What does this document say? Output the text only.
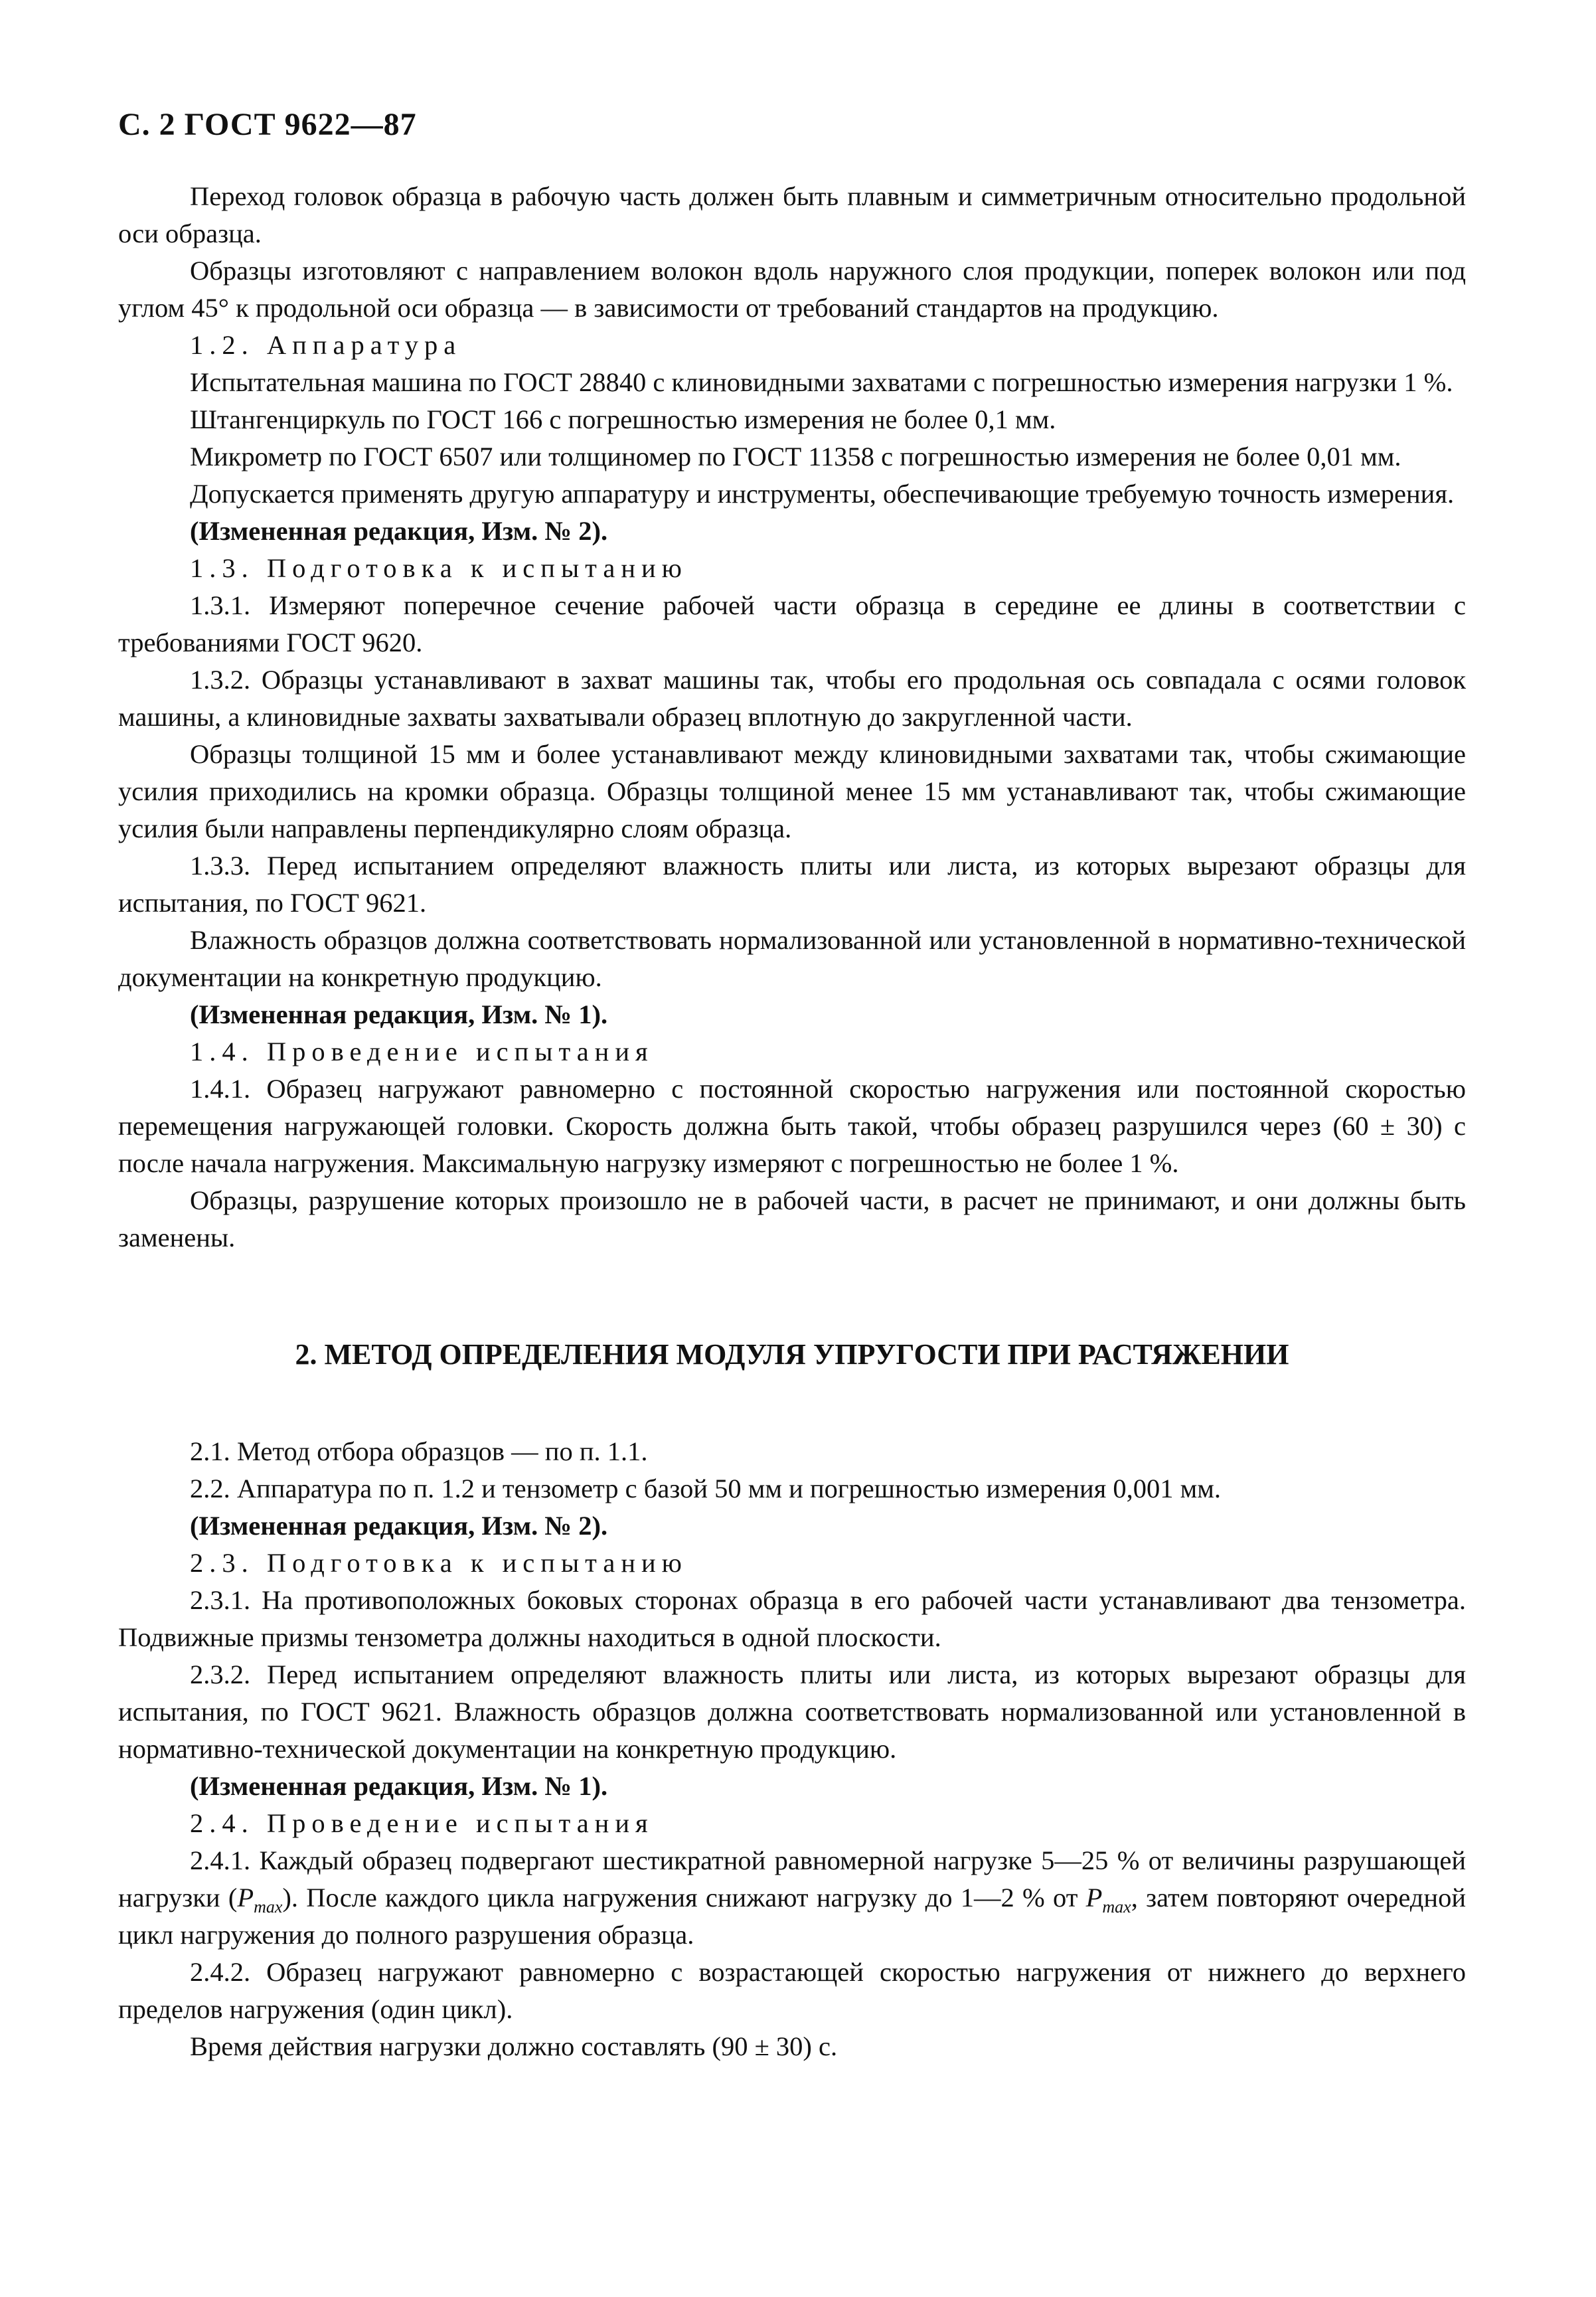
С. 2 ГОСТ 9622—87

Переход головок образца в рабочую часть должен быть плавным и симметричным относительно продольной оси образца.

Образцы изготовляют с направлением волокон вдоль наружного слоя продукции, поперек волокон или под углом 45° к продольной оси образца — в зависимости от требований стандартов на продукцию.

1.2. Аппаратура

Испытательная машина по ГОСТ 28840 с клиновидными захватами с погрешностью измерения нагрузки 1 %.

Штангенциркуль по ГОСТ 166 с погрешностью измерения не более 0,1 мм.

Микрометр по ГОСТ 6507 или толщиномер по ГОСТ 11358 с погрешностью измерения не более 0,01 мм.

Допускается применять другую аппаратуру и инструменты, обеспечивающие требуемую точность измерения.

(Измененная редакция, Изм. № 2).

1.3. Подготовка к испытанию

1.3.1. Измеряют поперечное сечение рабочей части образца в середине ее длины в соответствии с требованиями ГОСТ 9620.

1.3.2. Образцы устанавливают в захват машины так, чтобы его продольная ось совпадала с осями головок машины, а клиновидные захваты захватывали образец вплотную до закругленной части.

Образцы толщиной 15 мм и более устанавливают между клиновидными захватами так, чтобы сжимающие усилия приходились на кромки образца. Образцы толщиной менее 15 мм устанавливают так, чтобы сжимающие усилия были направлены перпендикулярно слоям образца.

1.3.3. Перед испытанием определяют влажность плиты или листа, из которых вырезают образцы для испытания, по ГОСТ 9621.

Влажность образцов должна соответствовать нормализованной или установленной в нормативно-технической документации на конкретную продукцию.

(Измененная редакция, Изм. № 1).

1.4. Проведение испытания

1.4.1. Образец нагружают равномерно с постоянной скоростью нагружения или постоянной скоростью перемещения нагружающей головки. Скорость должна быть такой, чтобы образец разрушился через (60 ± 30) с после начала нагружения. Максимальную нагрузку измеряют с погрешностью не более 1 %.

Образцы, разрушение которых произошло не в рабочей части, в расчет не принимают, и они должны быть заменены.

2. МЕТОД ОПРЕДЕЛЕНИЯ МОДУЛЯ УПРУГОСТИ ПРИ РАСТЯЖЕНИИ

2.1. Метод отбора образцов — по п. 1.1.

2.2. Аппаратура по п. 1.2 и тензометр с базой 50 мм и погрешностью измерения 0,001 мм.

(Измененная редакция, Изм. № 2).

2.3. Подготовка к испытанию

2.3.1. На противоположных боковых сторонах образца в его рабочей части устанавливают два тензометра. Подвижные призмы тензометра должны находиться в одной плоскости.

2.3.2. Перед испытанием определяют влажность плиты или листа, из которых вырезают образцы для испытания, по ГОСТ 9621. Влажность образцов должна соответствовать нормализованной или установленной в нормативно-технической документации на конкретную продукцию.

(Измененная редакция, Изм. № 1).

2.4. Проведение испытания

2.4.1. Каждый образец подвергают шестикратной равномерной нагрузке 5—25 % от величины разрушающей нагрузки $(P_{max})$. После каждого цикла нагружения снижают нагрузку до 1—2 % от $P_{max}$, затем повторяют очередной цикл нагружения до полного разрушения образца.

2.4.2. Образец нагружают равномерно с возрастающей скоростью нагружения от нижнего до верхнего пределов нагружения (один цикл).

Время действия нагрузки должно составлять (90 ± 30) с.
